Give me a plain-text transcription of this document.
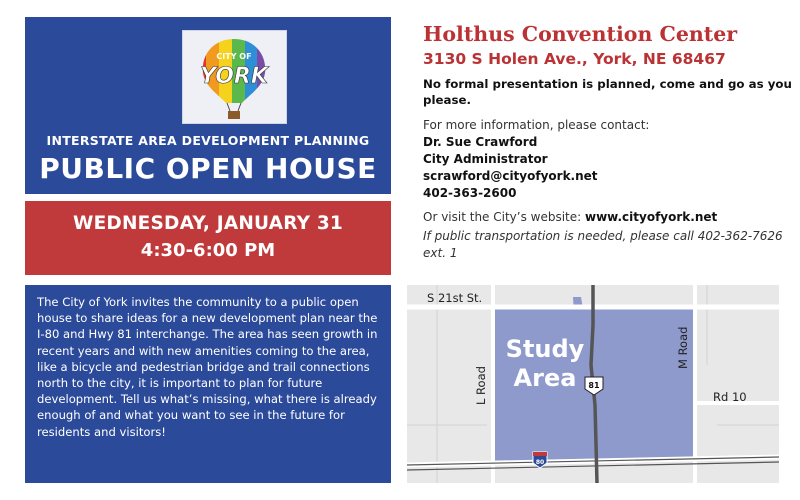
CITY OF
YORK
INTERSTATE AREA DEVELOPMENT PLANNING
PUBLIC OPEN HOUSE
WEDNESDAY, JANUARY 31
4:30-6:00 PM
The City of York invites the community to a public open house to share ideas for a new development plan near the I-80 and Hwy 81 interchange. The area has seen growth in recent years and with new amenities coming to the area, like a bicycle and pedestrian bridge and trail connections north to the city, it is important to plan for future development. Tell us what’s missing, what there is already enough of and what you want to see in the future for residents and visitors!
Holthus Convention Center
3130 S Holen Ave., York, NE 68467
No formal presentation is planned, come and go as you please.
For more information, please contact:
Dr. Sue Crawford
City Administrator
scrawford@cityofyork.net
402-363-2600
Or visit the City’s website: www.cityofyork.net
If public transportation is needed, please call 402-362-7626 ext. 1
S 21st St.
L Road
M Road
Rd 10
Study
Area 81
80
